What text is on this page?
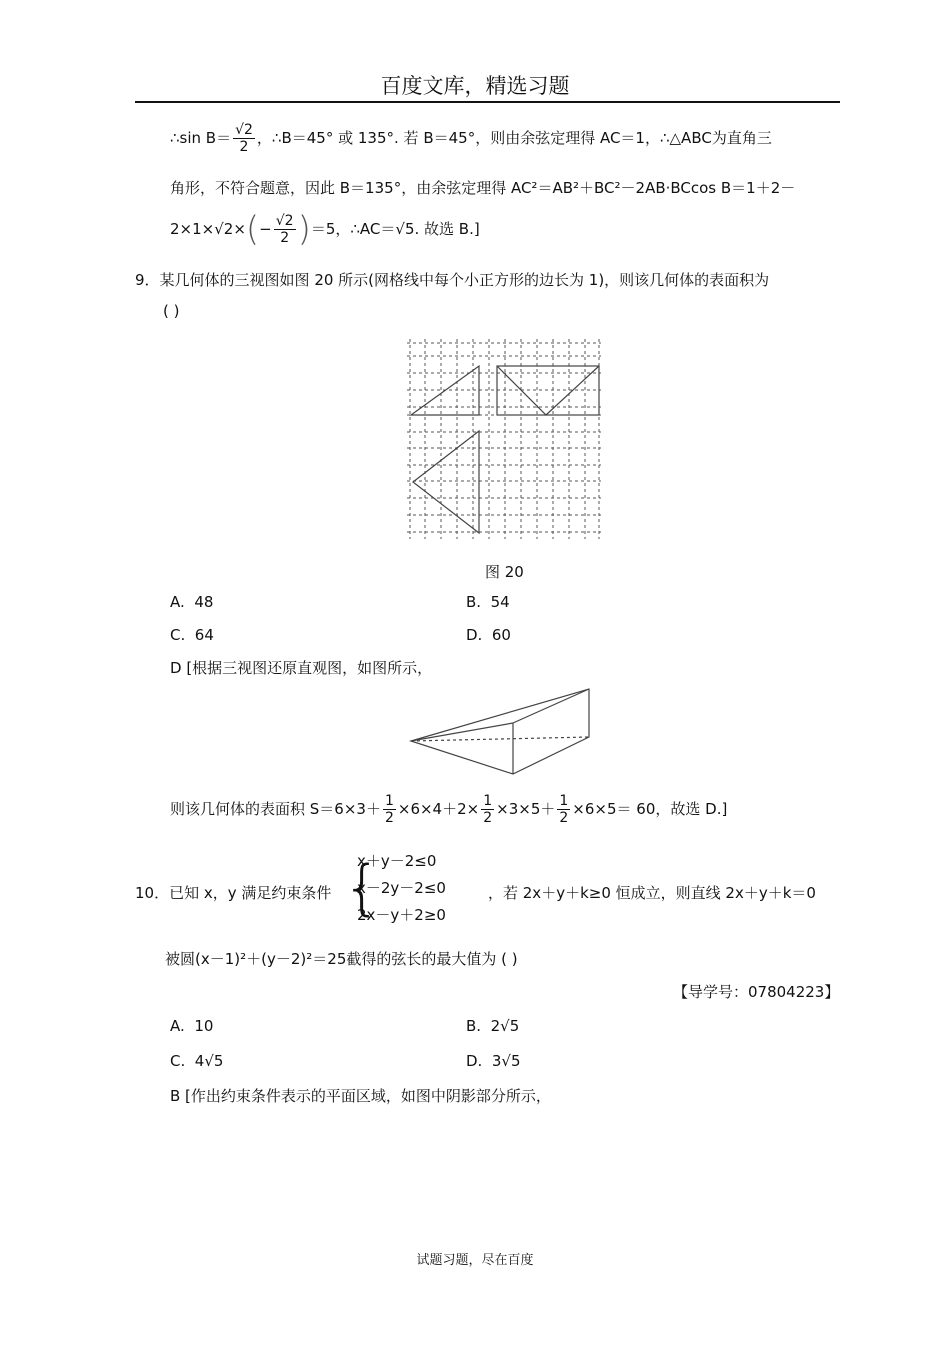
百度文库，精选习题
∴sin $B= \frac{√2}{2}$ ，∴B＝45° 或 135°. 若 B＝45°，则由余弦定理得 AC＝1，∴△ABC为直角三
角形，不符合题意，因此 B＝135°，由余弦定理得 AC²＝AB²＋BC²－2AB·BCcos B＝1＋2－
$2\times 1\times√2\times(- \frac{√2}{2} )=5$，∴AC＝√5. 故选 B.]
9．某几何体的三视图如图 20 所示(网格线中每个小正方形的边长为 1)，则该几何体的表面积为
( )
图 20
A. 48	B. 54
C. 64	D. 60
D [根据三视图还原直观图，如图所示，
则该几何体的表面积 $S=6\times 3+ \frac{1}{2} \times 6\times 4+2\times \frac{1}{2} \times 3\times 5+ \frac{1}{2} \times 6\times 5= 60$，故选 D.]
10．已知 x，y 满足约束条件 {
x＋y－2≤0
x－2y－2≤0
2x－y＋2≥0
，若 2x＋y＋k≥0 恒成立，则直线 2x＋y＋k＝0
被圆(x－1)²＋(y－2)²＝25截得的弦长的最大值为 ( )
【导学号：07804223】
A. 10	B. 2√5
C. 4√5	D. 3√5
B [作出约束条件表示的平面区域，如图中阴影部分所示，
试题习题，尽在百度
